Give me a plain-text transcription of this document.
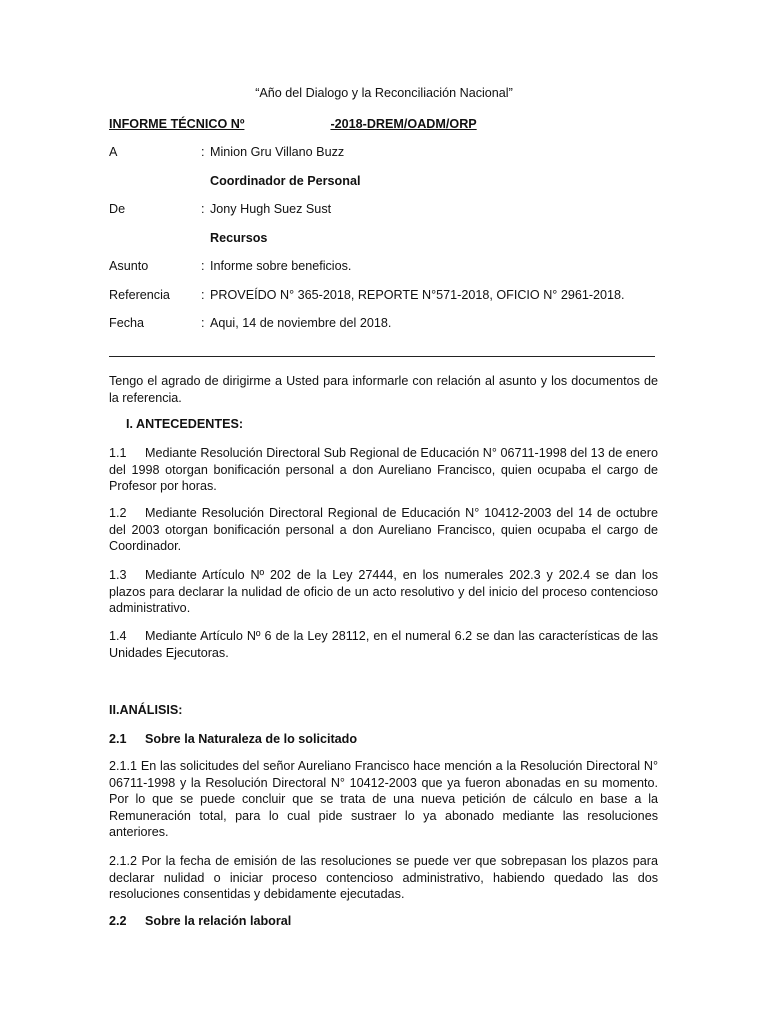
“Año del Dialogo y la Reconciliación Nacional”
INFORME TÉCNICO Nº	-2018-DREM/OADM/ORP
A	: Minion Gru Villano Buzz
Coordinador de Personal
De	: Jony Hugh Suez Sust
Recursos
Asunto	: Informe sobre beneficios.
Referencia : PROVEÍDO N° 365-2018, REPORTE N°571-2018, OFICIO N° 2961-2018.
Fecha	: Aqui, 14 de noviembre del 2018.
Tengo el agrado de dirigirme a Usted para informarle con relación al asunto y los documentos de la referencia.
I. ANTECEDENTES:
1.1 Mediante Resolución Directoral Sub Regional de Educación N° 06711-1998 del 13 de enero del 1998 otorgan bonificación personal a don Aureliano Francisco, quien ocupaba el cargo de Profesor por horas.
1.2 Mediante Resolución Directoral Regional de Educación N° 10412-2003 del 14 de octubre del 2003 otorgan bonificación personal a don Aureliano Francisco, quien ocupaba el cargo de Coordinador.
1.3 Mediante Artículo Nº 202 de la Ley 27444, en los numerales 202.3 y 202.4 se dan los plazos para declarar la nulidad de oficio de un acto resolutivo y del inicio del proceso contencioso administrativo.
1.4 Mediante Artículo Nº 6 de la Ley 28112, en el numeral 6.2 se dan las características de las Unidades Ejecutoras.
II.ANÁLISIS:
2.1 Sobre la Naturaleza de lo solicitado
2.1.1 En las solicitudes del señor Aureliano Francisco hace mención a la Resolución Directoral N° 06711-1998 y la Resolución Directoral N° 10412-2003 que ya fueron abonadas en su momento. Por lo que se puede concluir que se trata de una nueva petición de cálculo en base a la Remuneración total, para lo cual pide sustraer lo ya abonado mediante las resoluciones anteriores.
2.1.2 Por la fecha de emisión de las resoluciones se puede ver que sobrepasan los plazos para declarar nulidad o iniciar proceso contencioso administrativo, habiendo quedado las dos resoluciones consentidas y debidamente ejecutadas.
2.2 Sobre la relación laboral
